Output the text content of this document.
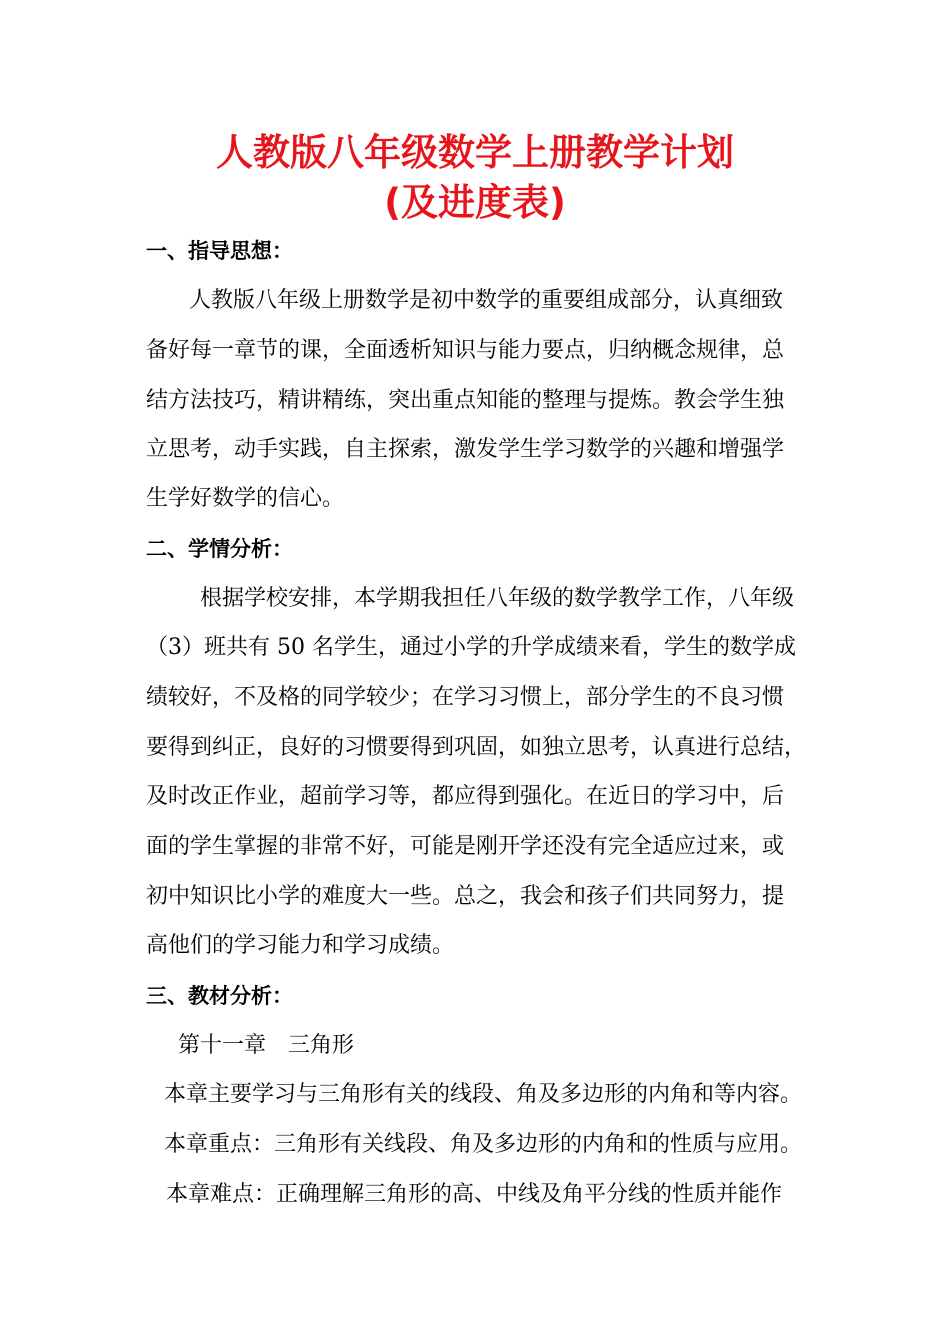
人教版八年级数学上册教学计划
(及进度表)
一、指导思想：
人教版八年级上册数学是初中数学的重要组成部分，认真细致
备好每一章节的课，全面透析知识与能力要点，归纳概念规律，总
结方法技巧，精讲精练，突出重点知能的整理与提炼。教会学生独
立思考，动手实践，自主探索，激发学生学习数学的兴趣和增强学
生学好数学的信心。
二、学情分析：
根据学校安排，本学期我担任八年级的数学教学工作，八年级
（3）班共有 50 名学生，通过小学的升学成绩来看，学生的数学成
绩较好，不及格的同学较少；在学习习惯上，部分学生的不良习惯
要得到纠正，良好的习惯要得到巩固，如独立思考，认真进行总结，
及时改正作业，超前学习等，都应得到强化。在近日的学习中，后
面的学生掌握的非常不好，可能是刚开学还没有完全适应过来，或
初中知识比小学的难度大一些。总之，我会和孩子们共同努力，提
高他们的学习能力和学习成绩。
三、教材分析：
第十一章　三角形
本章主要学习与三角形有关的线段、角及多边形的内角和等内容。
本章重点：三角形有关线段、角及多边形的内角和的性质与应用。
本章难点：正确理解三角形的高、中线及角平分线的性质并能作
